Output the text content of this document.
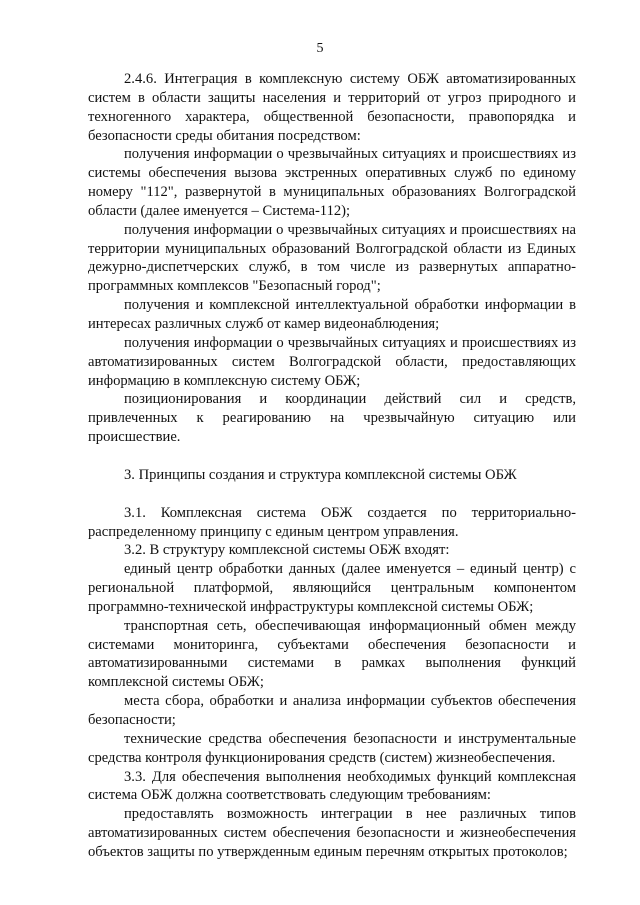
5

2.4.6. Интеграция в комплексную систему ОБЖ автоматизированных систем в области защиты населения и территорий от угроз природного и техногенного характера, общественной безопасности, правопорядка и безопасности среды обитания посредством:

получения информации о чрезвычайных ситуациях и происшествиях из системы обеспечения вызова экстренных оперативных служб по единому номеру "112", развернутой в муниципальных образованиях Волгоградской области (далее именуется – Система-112);

получения информации о чрезвычайных ситуациях и происшествиях на территории муниципальных образований Волгоградской области из Единых дежурно-диспетчерских служб, в том числе из развернутых аппаратно-программных комплексов "Безопасный город";

получения и комплексной интеллектуальной обработки информации в интересах различных служб от камер видеонаблюдения;

получения информации о чрезвычайных ситуациях и происшествиях из автоматизированных систем Волгоградской области, предоставляющих информацию в комплексную систему ОБЖ;

позиционирования и координации действий сил и средств, привлеченных к реагированию на чрезвычайную ситуацию или происшествие.

3. Принципы создания и структура комплексной системы ОБЖ

3.1. Комплексная система ОБЖ создается по территориально-распределенному принципу с единым центром управления.

3.2. В структуру комплексной системы ОБЖ входят:

единый центр обработки данных (далее именуется – единый центр) с региональной платформой, являющийся центральным компонентом программно-технической инфраструктуры комплексной системы ОБЖ;

транспортная сеть, обеспечивающая информационный обмен между системами мониторинга, субъектами обеспечения безопасности и автоматизированными системами в рамках выполнения функций комплексной системы ОБЖ;

места сбора, обработки и анализа информации субъектов обеспечения безопасности;

технические средства обеспечения безопасности и инструментальные средства контроля функционирования средств (систем) жизнеобеспечения.

3.3. Для обеспечения выполнения необходимых функций комплексная система ОБЖ должна соответствовать следующим требованиям:

предоставлять возможность интеграции в нее различных типов автоматизированных систем обеспечения безопасности и жизнеобеспечения объектов защиты по утвержденным единым перечням открытых протоколов;
